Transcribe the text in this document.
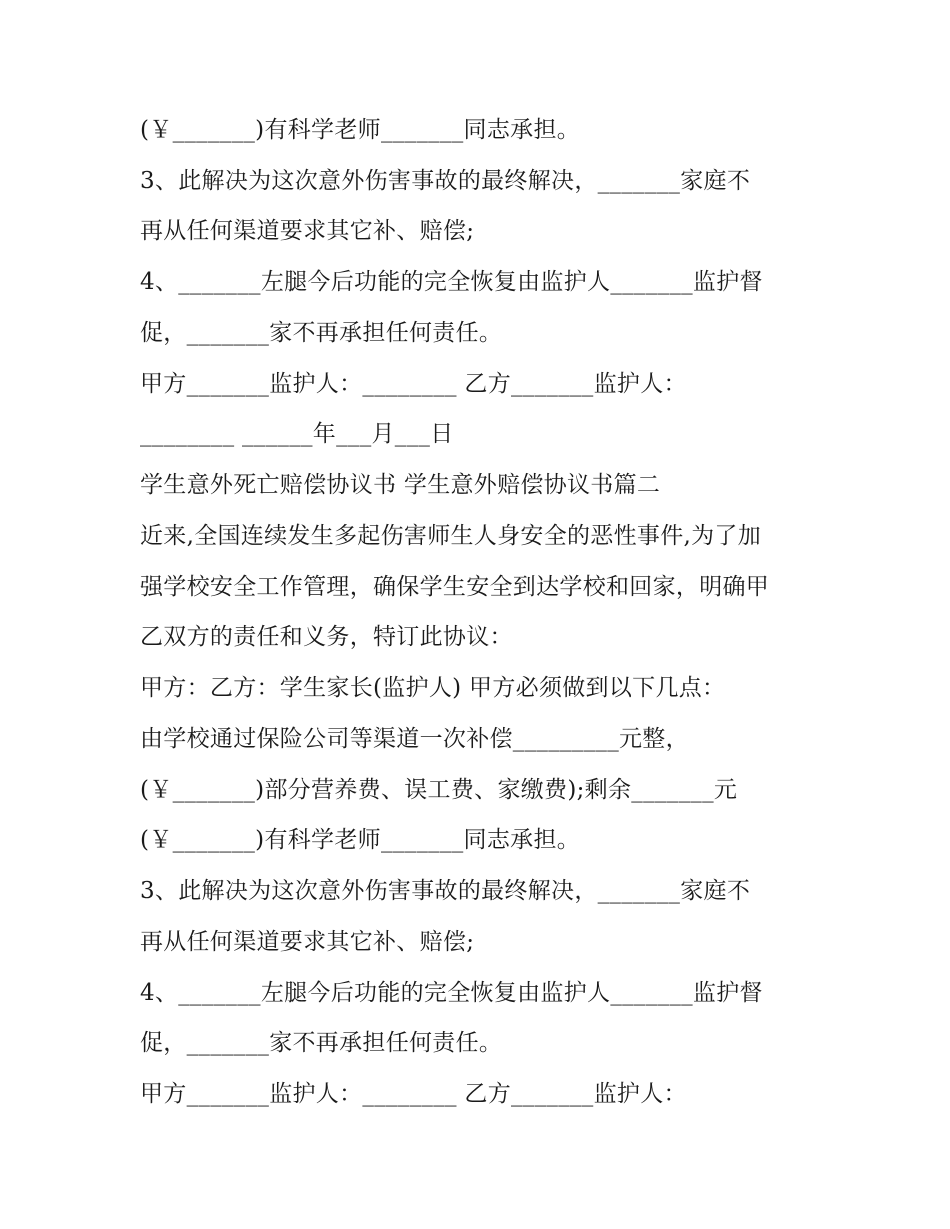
(￥_______)有科学老师_______同志承担。
3、此解决为这次意外伤害事故的最终解决，_______家庭不
再从任何渠道要求其它补、赔偿;
4、_______左腿今后功能的完全恢复由监护人_______监护督
促，_______家不再承担任何责任。
甲方_______监护人：________ 乙方_______监护人：
________ ______年___月___日
学生意外死亡赔偿协议书 学生意外赔偿协议书篇二
近来,全国连续发生多起伤害师生人身安全的恶性事件,为了加
强学校安全工作管理，确保学生安全到达学校和回家，明确甲
乙双方的责任和义务，特订此协议：
甲方：乙方：学生家长(监护人) 甲方必须做到以下几点：
由学校通过保险公司等渠道一次补偿_________元整，
(￥_______)部分营养费、误工费、家缴费);剩余_______元
(￥_______)有科学老师_______同志承担。
3、此解决为这次意外伤害事故的最终解决，_______家庭不
再从任何渠道要求其它补、赔偿;
4、_______左腿今后功能的完全恢复由监护人_______监护督
促，_______家不再承担任何责任。
甲方_______监护人：________ 乙方_______监护人：
